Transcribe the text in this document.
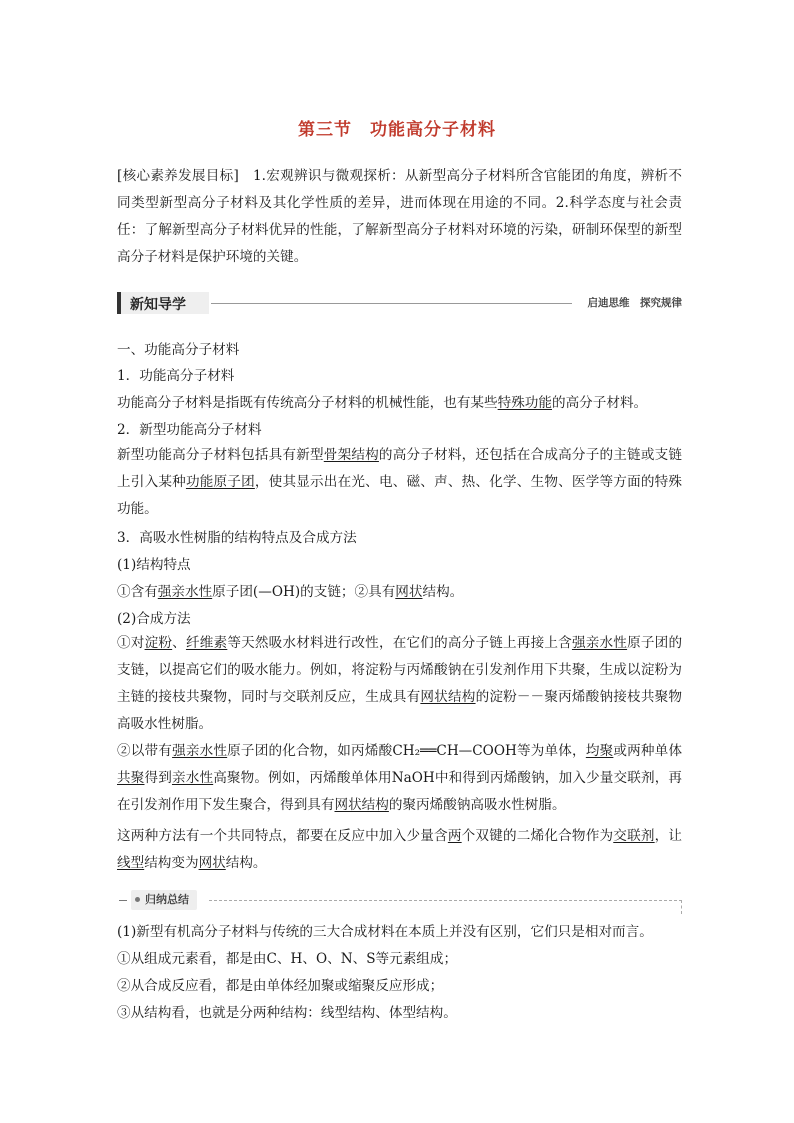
第三节 功能高分子材料
[核心素养发展目标]　 1.宏观辨识与微观探析：从新型高分子材料所含官能团的角度，辨析不同类型新型高分子材料及其化学性质的差异，进而体现在用途的不同。2.科学态度与社会责任：了解新型高分子材料优异的性能，了解新型高分子材料对环境的污染，研制环保型的新型高分子材料是保护环境的关键。
新知导学	启迪思维　探究规律
一、功能高分子材料
1．功能高分子材料
功能高分子材料是指既有传统高分子材料的机械性能，也有某些特殊功能的高分子材料。
2．新型功能高分子材料
新型功能高分子材料包括具有新型骨架结构的高分子材料，还包括在合成高分子的主链或支链上引入某种功能原子团，使其显示出在光、电、磁、声、热、化学、生物、医学等方面的特殊功能。
3．高吸水性树脂的结构特点及合成方法
(1)结构特点
①含有强亲水性原子团(—OH)的支链；②具有网状结构。
(2)合成方法
①对淀粉、纤维素等天然吸水材料进行改性，在它们的高分子链上再接上含强亲水性原子团的支链，以提高它们的吸水能力。例如，将淀粉与丙烯酸钠在引发剂作用下共聚，生成以淀粉为主链的接枝共聚物，同时与交联剂反应，生成具有网状结构的淀粉－－聚丙烯酸钠接枝共聚物高吸水性树脂。
②以带有强亲水性原子团的化合物，如丙烯酸CH₂══CH—COOH等为单体，均聚或两种单体共聚得到亲水性高聚物。例如，丙烯酸单体用NaOH中和得到丙烯酸钠，加入少量交联剂，再在引发剂作用下发生聚合，得到具有网状结构的聚丙烯酸钠高吸水性树脂。
这两种方法有一个共同特点，都要在反应中加入少量含两个双键的二烯化合物作为交联剂，让线型结构变为网状结构。
归纳总结
(1)新型有机高分子材料与传统的三大合成材料在本质上并没有区别，它们只是相对而言。
①从组成元素看，都是由C、H、O、N、S等元素组成；
②从合成反应看，都是由单体经加聚或缩聚反应形成；
③从结构看，也就是分两种结构：线型结构、体型结构。
